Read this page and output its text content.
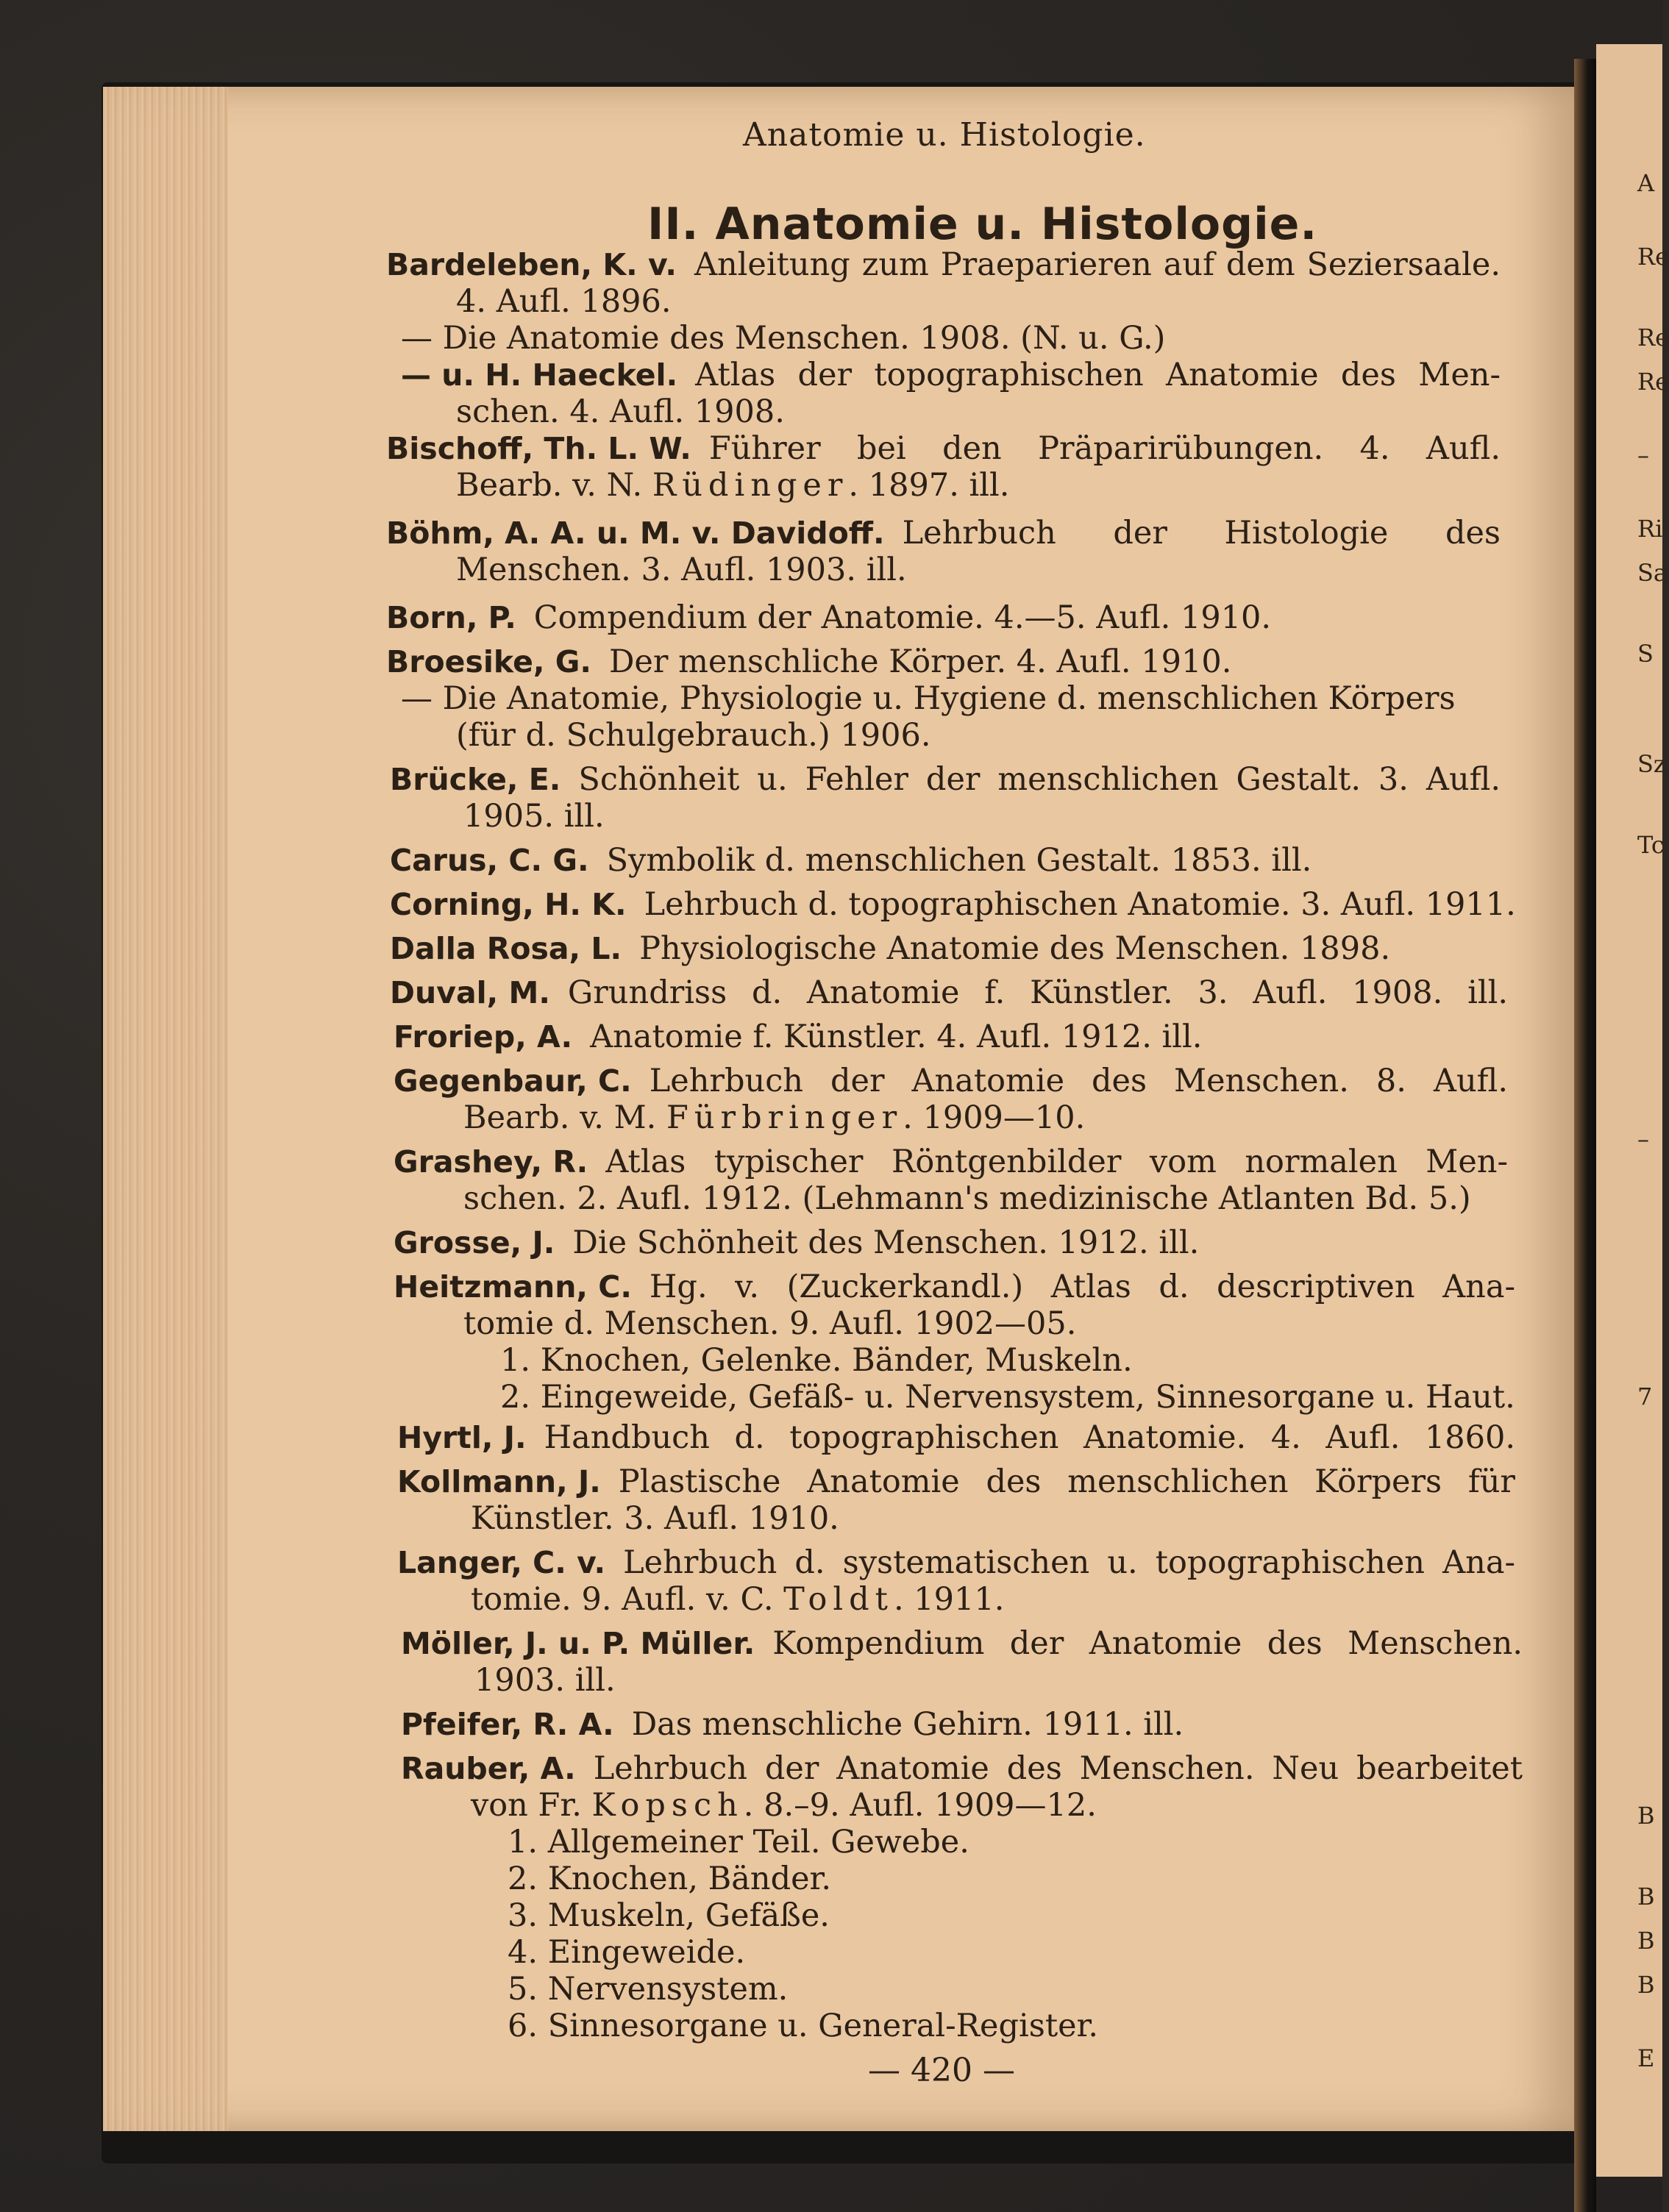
A
Re
Re
Re
–
Ri
Sa
S
Sz
Tc
–
7
B
B
B
B
E
Anatomie u. Histologie.
II. Anatomie u. Histologie.
Bardeleben, K. v. Anleitung zum Praeparieren auf dem Seziersaale.
4. Aufl. 1896.
— Die Anatomie des Menschen. 1908. (N. u. G.)
— u. H. Haeckel. Atlas der topographischen Anatomie des Men-
schen. 4. Aufl. 1908.
Bischoff, Th. L. W. Führer bei den Präparirübungen. 4. Aufl.
Bearb. v. N. Rüdinger. 1897. ill.
Böhm, A. A. u. M. v. Davidoff. Lehrbuch der Histologie des
Menschen. 3. Aufl. 1903. ill.
Born, P. Compendium der Anatomie. 4.—5. Aufl. 1910.
Broesike, G. Der menschliche Körper. 4. Aufl. 1910.
— Die Anatomie, Physiologie u. Hygiene d. menschlichen Körpers
(für d. Schulgebrauch.) 1906.
Brücke, E. Schönheit u. Fehler der menschlichen Gestalt. 3. Aufl.
1905. ill.
Carus, C. G. Symbolik d. menschlichen Gestalt. 1853. ill.
Corning, H. K. Lehrbuch d. topographischen Anatomie. 3. Aufl. 1911.
Dalla Rosa, L. Physiologische Anatomie des Menschen. 1898.
Duval, M. Grundriss d. Anatomie f. Künstler. 3. Aufl. 1908. ill.
Froriep, A. Anatomie f. Künstler. 4. Aufl. 1912. ill.
Gegenbaur, C. Lehrbuch der Anatomie des Menschen. 8. Aufl.
Bearb. v. M. Fürbringer. 1909—10.
Grashey, R. Atlas typischer Röntgenbilder vom normalen Men-
schen. 2. Aufl. 1912. (Lehmann's medizinische Atlanten Bd. 5.)
Grosse, J. Die Schönheit des Menschen. 1912. ill.
Heitzmann, C. Hg. v. (Zuckerkandl.) Atlas d. descriptiven Ana-
tomie d. Menschen. 9. Aufl. 1902—05.
1. Knochen, Gelenke. Bänder, Muskeln.
2. Eingeweide, Gefäß- u. Nervensystem, Sinnesorgane u. Haut.
Hyrtl, J. Handbuch d. topographischen Anatomie. 4. Aufl. 1860.
Kollmann, J. Plastische Anatomie des menschlichen Körpers für
Künstler. 3. Aufl. 1910.
Langer, C. v. Lehrbuch d. systematischen u. topographischen Ana-
tomie. 9. Aufl. v. C. Toldt. 1911.
Möller, J. u. P. Müller. Kompendium der Anatomie des Menschen.
1903. ill.
Pfeifer, R. A. Das menschliche Gehirn. 1911. ill.
Rauber, A. Lehrbuch der Anatomie des Menschen. Neu bearbeitet
von Fr. Kopsch. 8.–9. Aufl. 1909—12.
1. Allgemeiner Teil. Gewebe.
2. Knochen, Bänder.
3. Muskeln, Gefäße.
4. Eingeweide.
5. Nervensystem.
6. Sinnesorgane u. General-Register.
— 420 —
